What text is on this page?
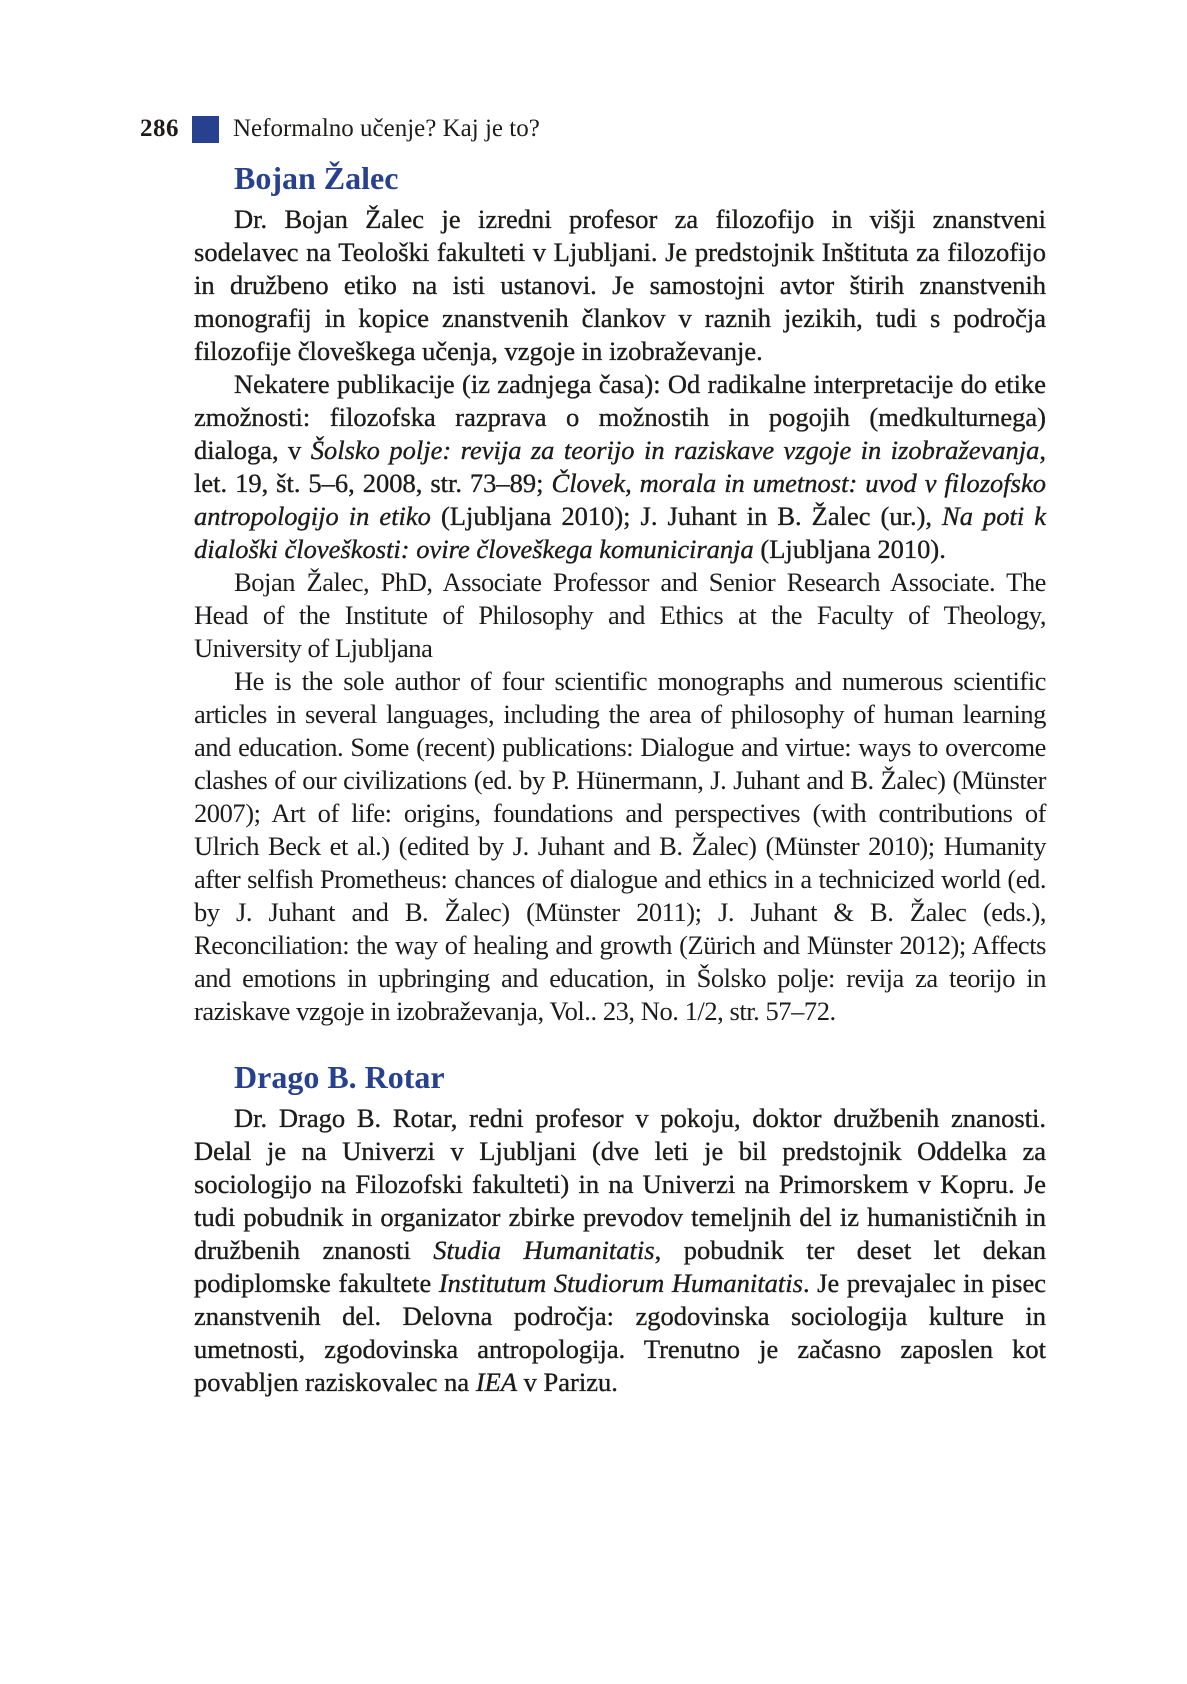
286 Neformalno učenje? Kaj je to?
Bojan Žalec

Dr. Bojan Žalec je izredni profesor za filozofijo in višji znanstveni sodelavec na Teološki fakulteti v Ljubljani. Je predstojnik Inštituta za filozofijo in družbeno etiko na isti ustanovi. Je samostojni avtor štirih znanstvenih monografij in kopice znanstvenih člankov v raznih jezikih, tudi s področja filozofije človeškega učenja, vzgoje in izobraževanje.

Nekatere publikacije (iz zadnjega časa): Od radikalne interpretacije do etike zmožnosti: filozofska razprava o možnostih in pogojih (medkulturnega) dialoga, v Šolsko polje: revija za teorijo in raziskave vzgoje in izobraževanja, let. 19, št. 5–6, 2008, str. 73–89; Človek, morala in umetnost: uvod v filozofsko antropologijo in etiko (Ljubljana 2010); J. Juhant in B. Žalec (ur.), Na poti k dialoški človeškosti: ovire človeškega komuniciranja (Ljubljana 2010).

Bojan Žalec, PhD, Associate Professor and Senior Research Associate. The Head of the Institute of Philosophy and Ethics at the Faculty of Theology, University of Ljubljana

He is the sole author of four scientific monographs and numerous scientific articles in several languages, including the area of philosophy of human learning and education. Some (recent) publications: Dialogue and virtue: ways to overcome clashes of our civilizations (ed. by P. Hünermann, J. Juhant and B. Žalec) (Münster 2007); Art of life: origins, foundations and perspectives (with contributions of Ulrich Beck et al.) (edited by J. Juhant and B. Žalec) (Münster 2010); Humanity after selfish Prometheus: chances of dialogue and ethics in a technicized world (ed. by J. Juhant and B. Žalec) (Münster 2011); J. Juhant & B. Žalec (eds.), Reconciliation: the way of healing and growth (Zürich and Münster 2012); Affects and emotions in upbringing and education, in Šolsko polje: revija za teorijo in raziskave vzgoje in izobraževanja, Vol.. 23, No. 1/2, str. 57–72.

Drago B. Rotar

Dr. Drago B. Rotar, redni profesor v pokoju, doktor družbenih znanosti. Delal je na Univerzi v Ljubljani (dve leti je bil predstojnik Oddelka za sociologijo na Filozofski fakulteti) in na Univerzi na Primorskem v Kopru. Je tudi pobudnik in organizator zbirke prevodov temeljnih del iz humanističnih in družbenih znanosti Studia Humanitatis, pobudnik ter deset let dekan podiplomske fakultete Institutum Studiorum Humanitatis. Je prevajalec in pisec znanstvenih del. Delovna področja: zgodovinska sociologija kulture in umetnosti, zgodovinska antropologija. Trenutno je začasno zaposlen kot povabljen raziskovalec na IEA v Parizu.
